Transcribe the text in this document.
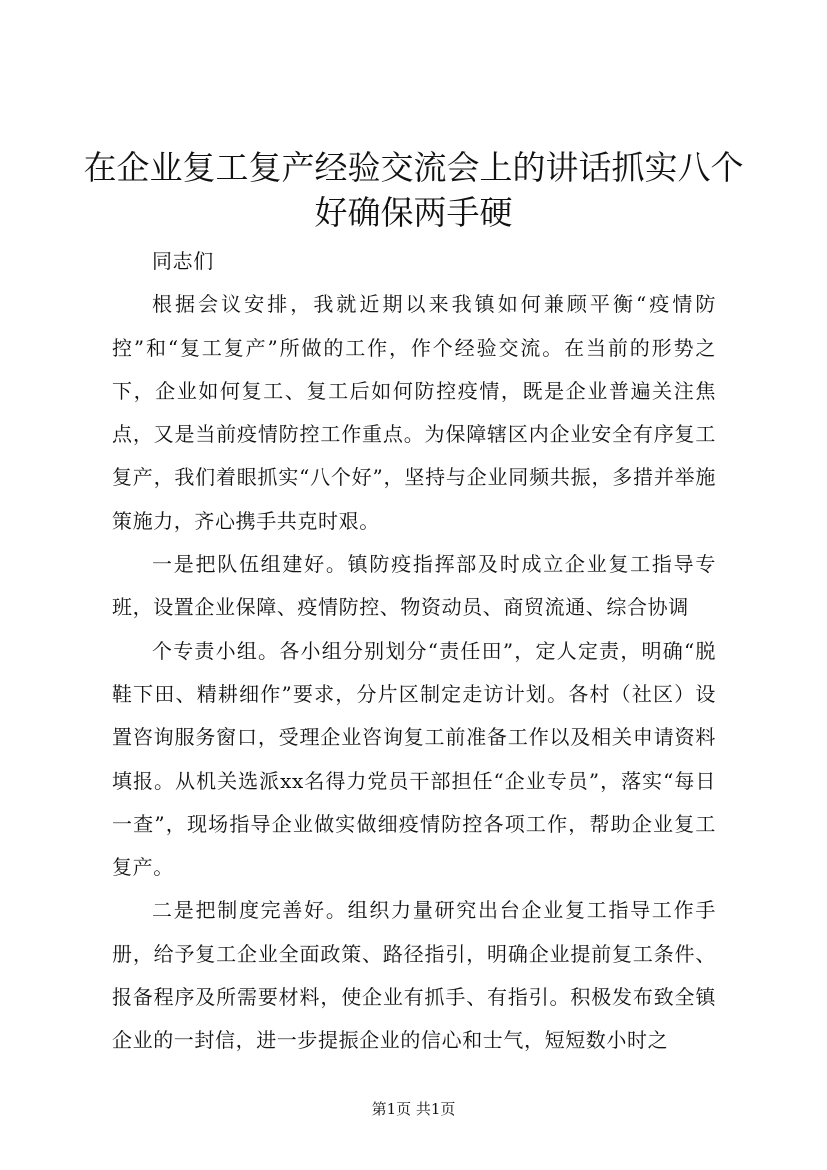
在企业复工复产经验交流会上的讲话抓实八个
好确保两手硬

同志们

根据会议安排，我就近期以来我镇如何兼顾平衡“疫情防控”和“复工复产”所做的工作，作个经验交流。在当前的形势之下，企业如何复工、复工后如何防控疫情，既是企业普遍关注焦点，又是当前疫情防控工作重点。为保障辖区内企业安全有序复工复产，我们着眼抓实“八个好”，坚持与企业同频共振，多措并举施策施力，齐心携手共克时艰。

一是把队伍组建好。镇防疫指挥部及时成立企业复工指导专班，设置企业保障、疫情防控、物资动员、商贸流通、综合协调

个专责小组。各小组分别划分“责任田”，定人定责，明确“脱鞋下田、精耕细作”要求，分片区制定走访计划。各村（社区）设置咨询服务窗口，受理企业咨询复工前准备工作以及相关申请资料填报。从机关选派xx名得力党员干部担任“企业专员”，落实“每日一查”，现场指导企业做实做细疫情防控各项工作，帮助企业复工复产。

二是把制度完善好。组织力量研究出台企业复工指导工作手册，给予复工企业全面政策、路径指引，明确企业提前复工条件、报备程序及所需要材料，使企业有抓手、有指引。积极发布致全镇企业的一封信，进一步提振企业的信心和士气，短短数小时之

第1页 共1页
